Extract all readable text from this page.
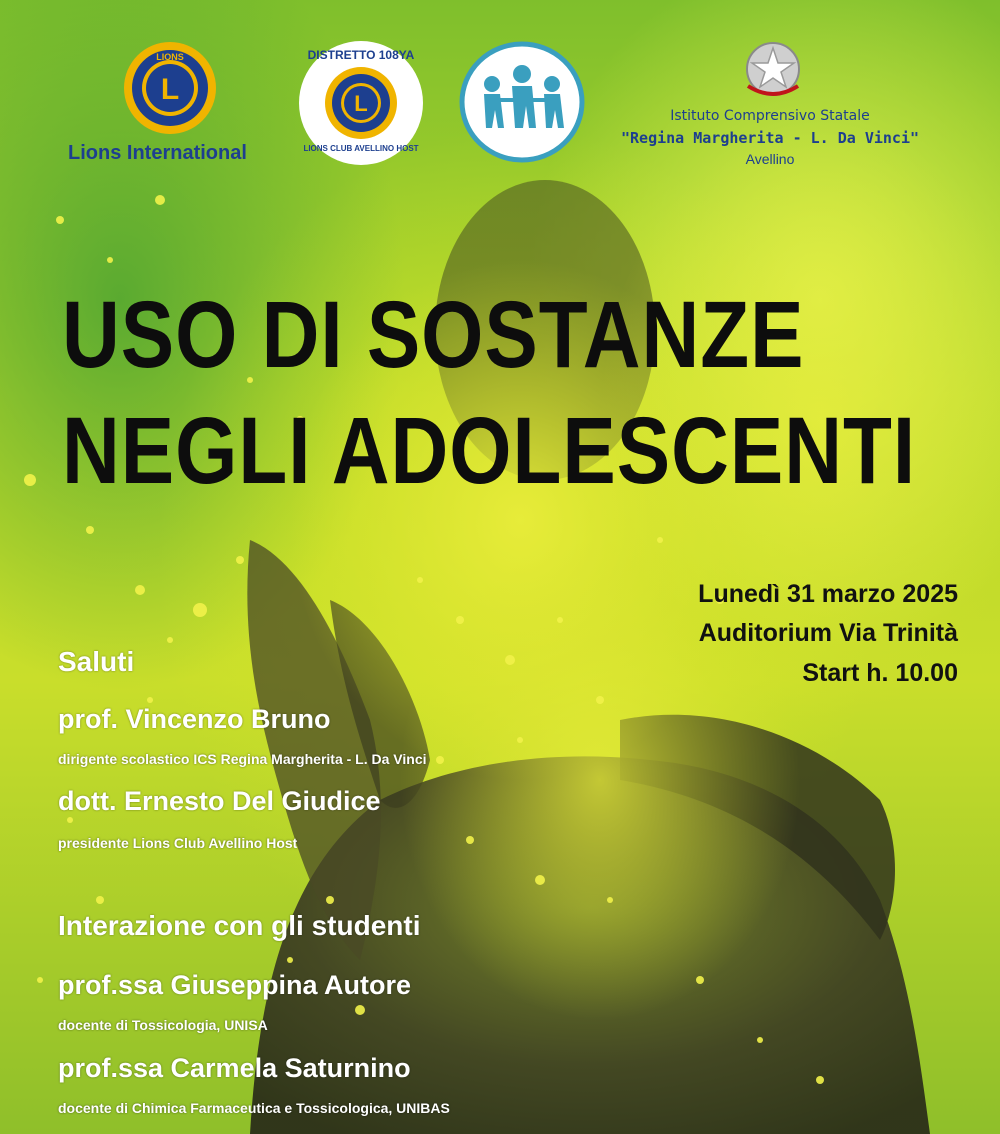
L
LIONS
Lions International
L
DISTRETTO 108YA
LIONS CLUB AVELLINO HOST
Istituto Comprensivo Statale
"Regina Margherita - L. Da Vinci"
Avellino
USO DI SOSTANZE
NEGLI ADOLESCENTI
Lunedì 31 marzo 2025
Auditorium Via Trinità
Start h. 10.00
Saluti
prof. Vincenzo Bruno
dirigente scolastico ICS Regina Margherita - L. Da Vinci
dott. Ernesto Del Giudice
presidente Lions Club Avellino Host
Interazione con gli studenti
prof.ssa Giuseppina Autore
docente di Tossicologia, UNISA
prof.ssa Carmela Saturnino
docente di Chimica Farmaceutica e Tossicologica, UNIBAS
